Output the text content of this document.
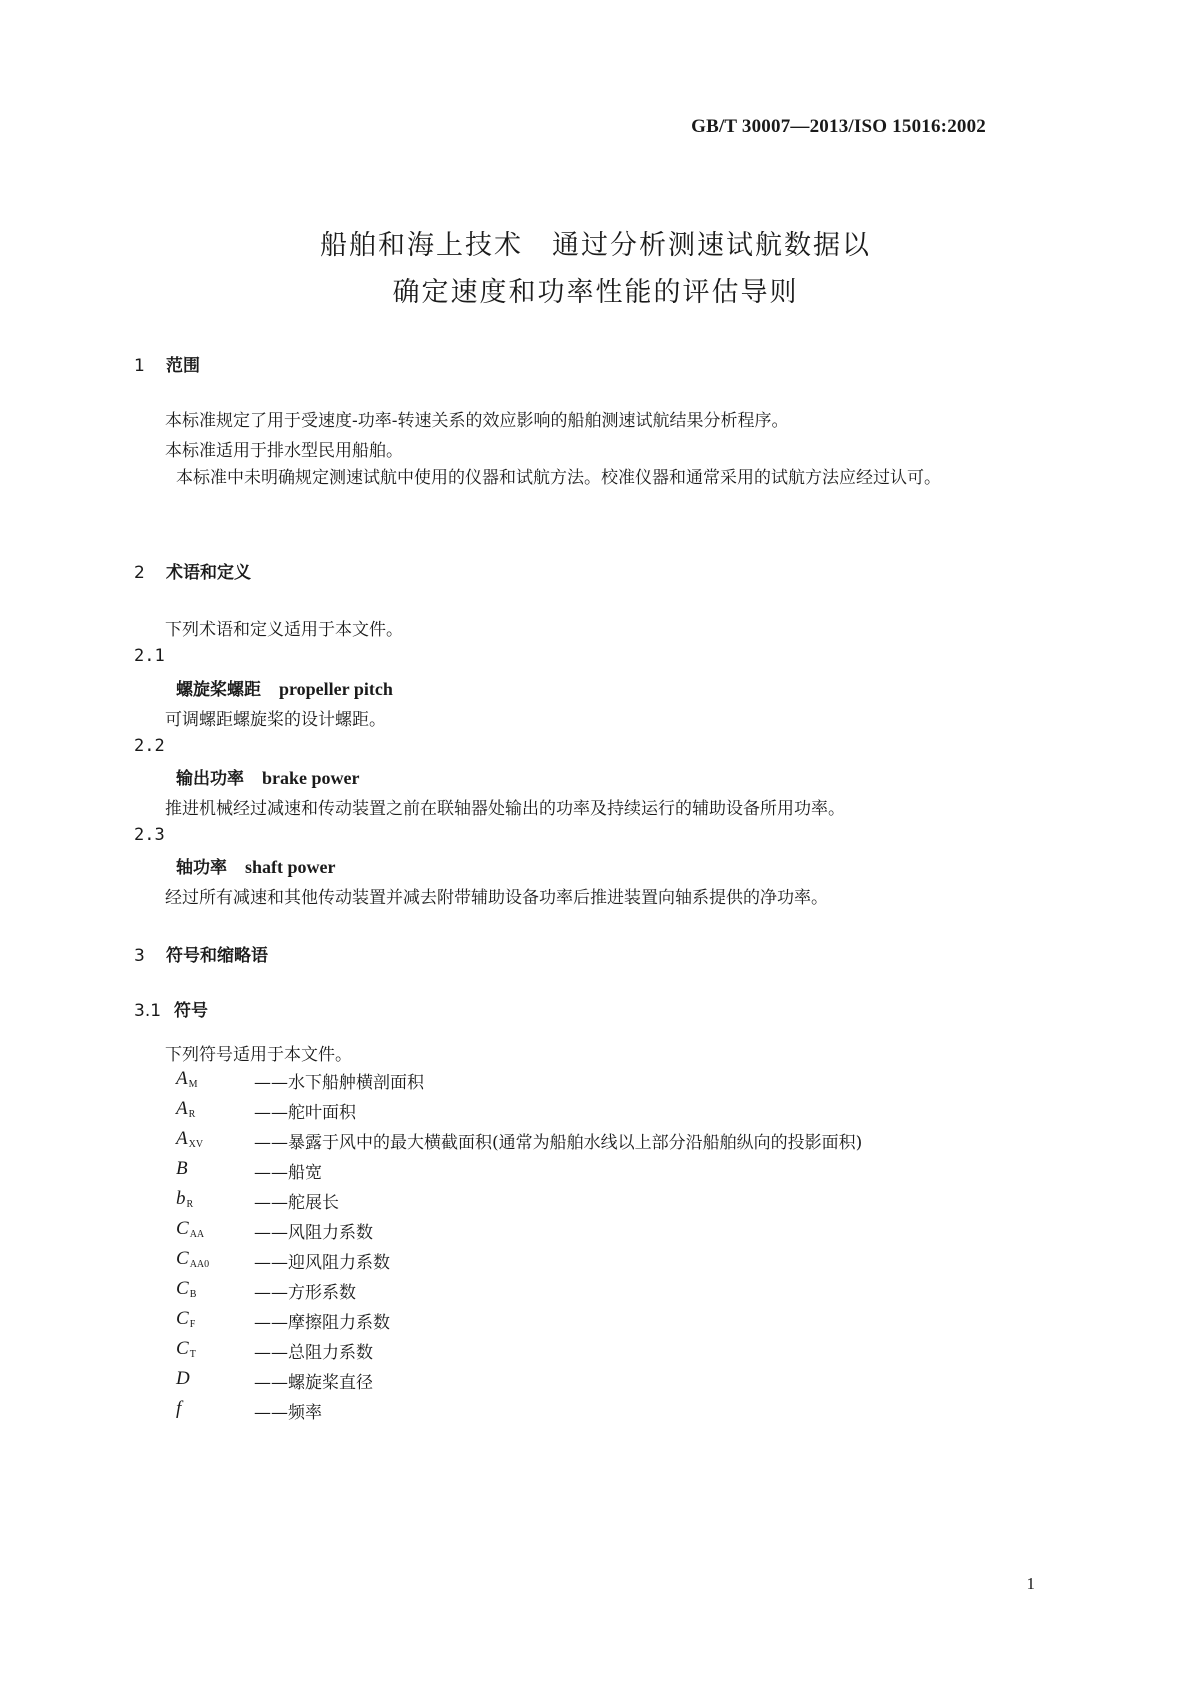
GB/T 30007—2013/ISO 15016:2002
船舶和海上技术　通过分析测速试航数据以
确定速度和功率性能的评估导则
1 范围
本标准规定了用于受速度-功率-转速关系的效应影响的船舶测速试航结果分析程序。
本标准适用于排水型民用船舶。
本标准中未明确规定测速试航中使用的仪器和试航方法。校准仪器和通常采用的试航方法应经过认可。
2 术语和定义
下列术语和定义适用于本文件。
2.1
螺旋桨螺距 propeller pitch
可调螺距螺旋桨的设计螺距。
2.2
输出功率 brake power
推进机械经过减速和传动装置之前在联轴器处输出的功率及持续运行的辅助设备所用功率。
2.3
轴功率 shaft power
经过所有减速和其他传动装置并减去附带辅助设备功率后推进装置向轴系提供的净功率。
3 符号和缩略语
3.1 符号
下列符号适用于本文件。
$A_M$	——水下船舯横剖面积
$A_R$	——舵叶面积
$A_{XV}$	——暴露于风中的最大横截面积(通常为船舶水线以上部分沿船舶纵向的投影面积)
B	——船宽
$b_R$	——舵展长
$C_{AA}$	——风阻力系数
$C_{AA0}$	——迎风阻力系数
$C_B$	——方形系数
$C_F$	——摩擦阻力系数
$C_T$	——总阻力系数
D	——螺旋桨直径
f	——频率
1
